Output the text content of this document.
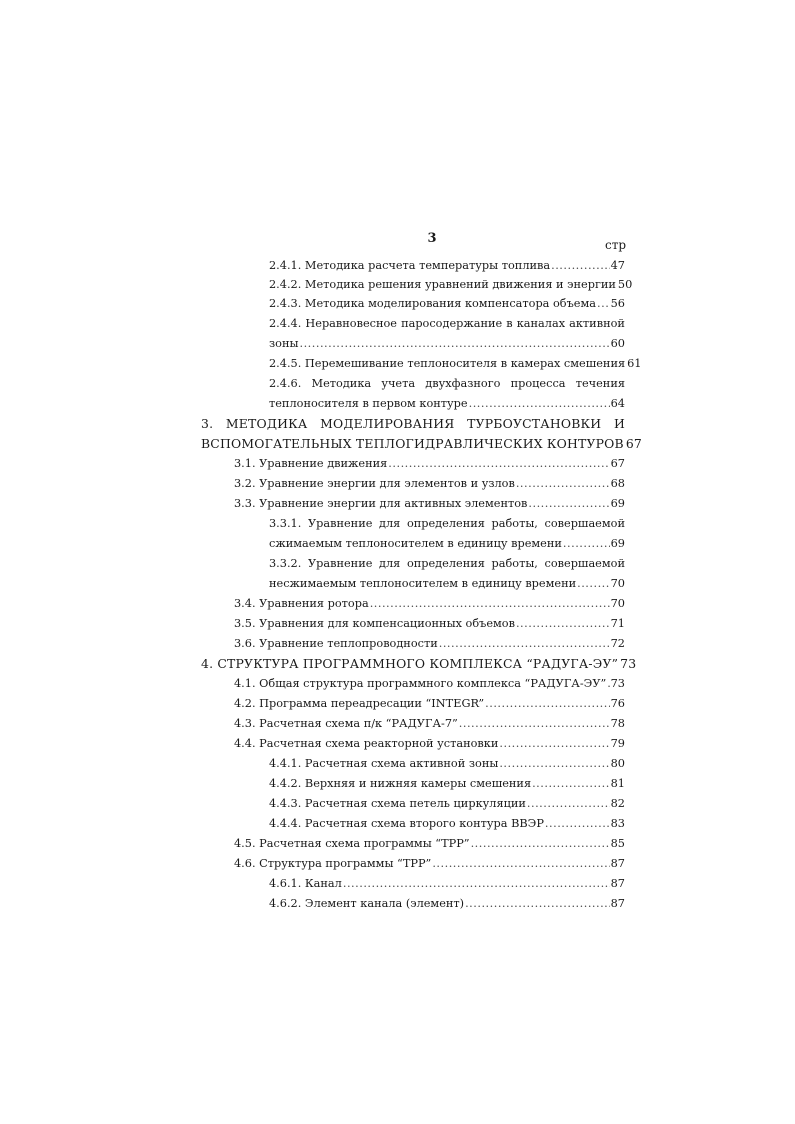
3	стр
2.4.1. Методика расчета температуры топлива .....	47
2.4.2. Методика решения уравнений движения и энергии 50
2.4.3. Методика моделирования компенсатора объема ..... 56
2.4.4. Неравновесное паросодержание в каналах активной
зоны .....	60
2.4.5. Перемешивание теплоносителя в камерах смешения 61
2.4.6. Методика учета двухфазного процесса течения
теплоносителя в первом контуре .....	64
3. МЕТОДИКА МОДЕЛИРОВАНИЯ ТУРБОУСТАНОВКИ И
ВСПОМОГАТЕЛЬНЫХ ТЕПЛОГИДРАВЛИЧЕСКИХ КОНТУРОВ 67
3.1. Уравнение движения .....	67
3.2. Уравнение энергии для элементов и узлов .....	68
3.3. Уравнение энергии для активных элементов .....	69
3.3.1. Уравнение для определения работы, совершаемой
сжимаемым теплоносителем в единицу времени .....	69
3.3.2. Уравнение для определения работы, совершаемой
несжимаемым теплоносителем в единицу времени .....	70
3.4. Уравнения ротора .....	70
3.5. Уравнения для компенсационных объемов .....	71
3.6. Уравнение теплопроводности .....	72
4. СТРУКТУРА ПРОГРАММНОГО КОМПЛЕКСА “РАДУГА-ЭУ” 73
4.1. Общая структура программного комплекса “РАДУГА-ЭУ” ..... 73
4.2. Программа переадресации “INTEGR” .....	76
4.3. Расчетная схема п/к “РАДУГА-7” .....	78
4.4. Расчетная схема реакторной установки .....	79
4.4.1. Расчетная схема активной зоны .....	80
4.4.2. Верхняя и нижняя камеры смешения .....	81
4.4.3. Расчетная схема петель циркуляции .....	82
4.4.4. Расчетная схема второго контура ВВЭР .....	83
4.5. Расчетная схема программы “TPP” .....	85
4.6. Структура программы “TPP” .....	87
4.6.1. Канал .....	87
4.6.2. Элемент канала (элемент) .....	87
